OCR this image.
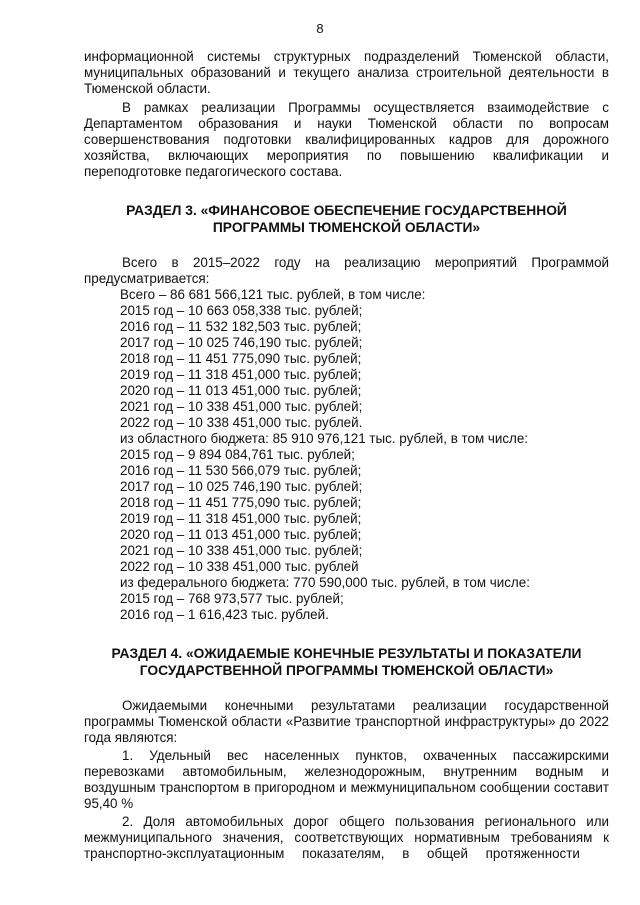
8

информационной системы структурных подразделений Тюменской области, муниципальных образований и текущего анализа строительной деятельности в Тюменской области.

В рамках реализации Программы осуществляется взаимодействие с Департаментом образования и науки Тюменской области по вопросам совершенствования подготовки квалифицированных кадров для дорожного хозяйства, включающих мероприятия по повышению квалификации и переподготовке педагогического состава.

РАЗДЕЛ 3. «ФИНАНСОВОЕ ОБЕСПЕЧЕНИЕ ГОСУДАРСТВЕННОЙ
ПРОГРАММЫ ТЮМЕНСКОЙ ОБЛАСТИ»

Всего в 2015–2022 году на реализацию мероприятий Программой предусматривается:

Всего – 86 681 566,121 тыс. рублей, в том числе:
2015 год – 10 663 058,338 тыс. рублей;
2016 год – 11 532 182,503 тыс. рублей;
2017 год – 10 025 746,190 тыс. рублей;
2018 год – 11 451 775,090 тыс. рублей;
2019 год – 11 318 451,000 тыс. рублей;
2020 год – 11 013 451,000 тыс. рублей;
2021 год – 10 338 451,000 тыс. рублей;
2022 год – 10 338 451,000 тыс. рублей.
из областного бюджета: 85 910 976,121 тыс. рублей, в том числе:
2015 год – 9 894 084,761 тыс. рублей;
2016 год – 11 530 566,079 тыс. рублей;
2017 год – 10 025 746,190 тыс. рублей;
2018 год – 11 451 775,090 тыс. рублей;
2019 год – 11 318 451,000 тыс. рублей;
2020 год – 11 013 451,000 тыс. рублей;
2021 год – 10 338 451,000 тыс. рублей;
2022 год – 10 338 451,000 тыс. рублей
из федерального бюджета: 770 590,000 тыс. рублей, в том числе:
2015 год – 768 973,577 тыс. рублей;
2016 год – 1 616,423 тыс. рублей.
РАЗДЕЛ 4. «ОЖИДАЕМЫЕ КОНЕЧНЫЕ РЕЗУЛЬТАТЫ И ПОКАЗАТЕЛИ
ГОСУДАРСТВЕННОЙ ПРОГРАММЫ ТЮМЕНСКОЙ ОБЛАСТИ»

Ожидаемыми конечными результатами реализации государственной программы Тюменской области «Развитие транспортной инфраструктуры» до 2022 года являются:

1. Удельный вес населенных пунктов, охваченных пассажирскими перевозками автомобильным, железнодорожным, внутренним водным и воздушным транспортом в пригородном и межмуниципальном сообщении составит 95,40 %

2. Доля автомобильных дорог общего пользования регионального или межмуниципального значения, соответствующих нормативным требованиям к транспортно-эксплуатационным показателям, в общей протяженности
